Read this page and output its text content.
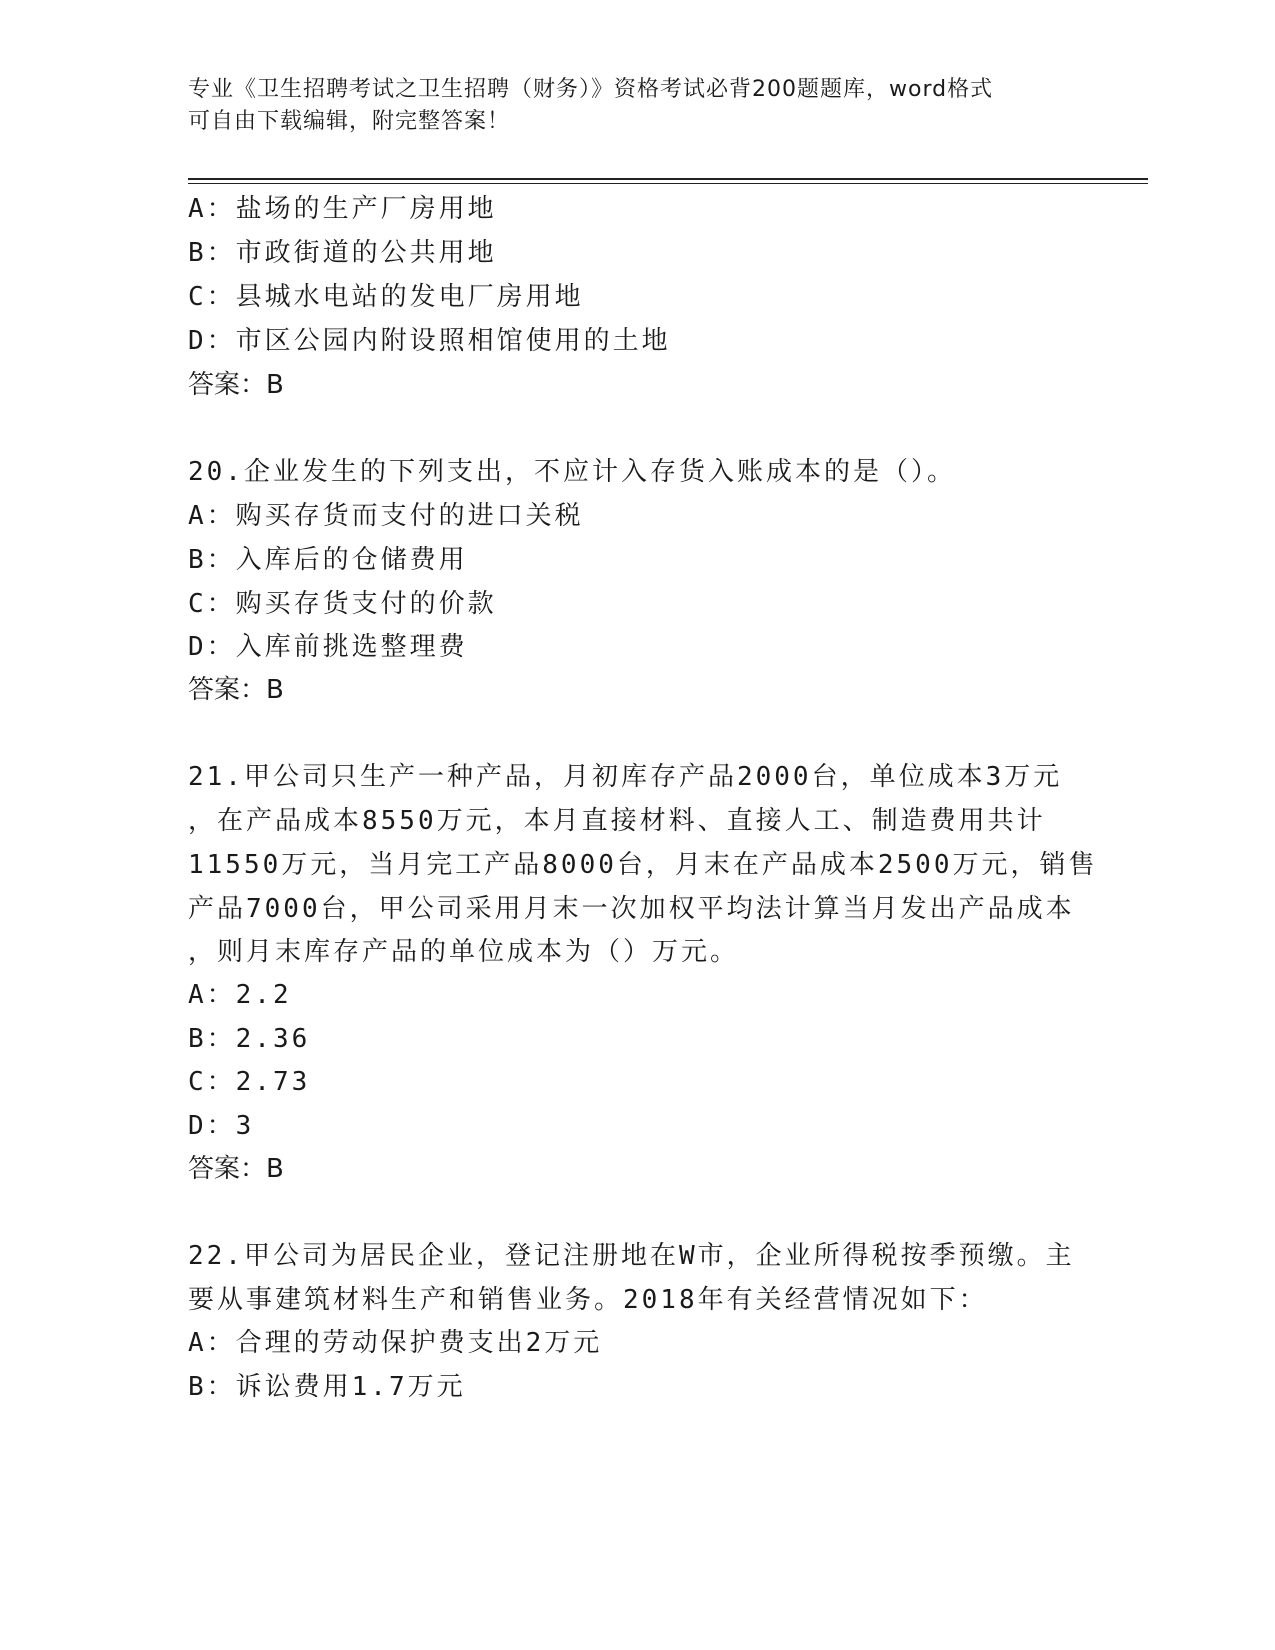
专业《卫生招聘考试之卫生招聘（财务）》资格考试必背200题题库，word格式
可自由下载编辑，附完整答案！
A：盐场的生产厂房用地
B：市政街道的公共用地
C：县城水电站的发电厂房用地
D：市区公园内附设照相馆使用的土地
答案：B
20.企业发生的下列支出，不应计入存货入账成本的是（）。
A：购买存货而支付的进口关税
B：入库后的仓储费用
C：购买存货支付的价款
D：入库前挑选整理费
答案：B
21.甲公司只生产一种产品，月初库存产品2000台，单位成本3万元
，在产品成本8550万元，本月直接材料、直接人工、制造费用共计
11550万元，当月完工产品8000台，月末在产品成本2500万元，销售
产品7000台，甲公司采用月末一次加权平均法计算当月发出产品成本
，则月末库存产品的单位成本为（）万元。
A：2.2
B：2.36
C：2.73
D：3
答案：B
22.甲公司为居民企业，登记注册地在W市，企业所得税按季预缴。主
要从事建筑材料生产和销售业务。2018年有关经营情况如下：
A：合理的劳动保护费支出2万元
B：诉讼费用1.7万元
